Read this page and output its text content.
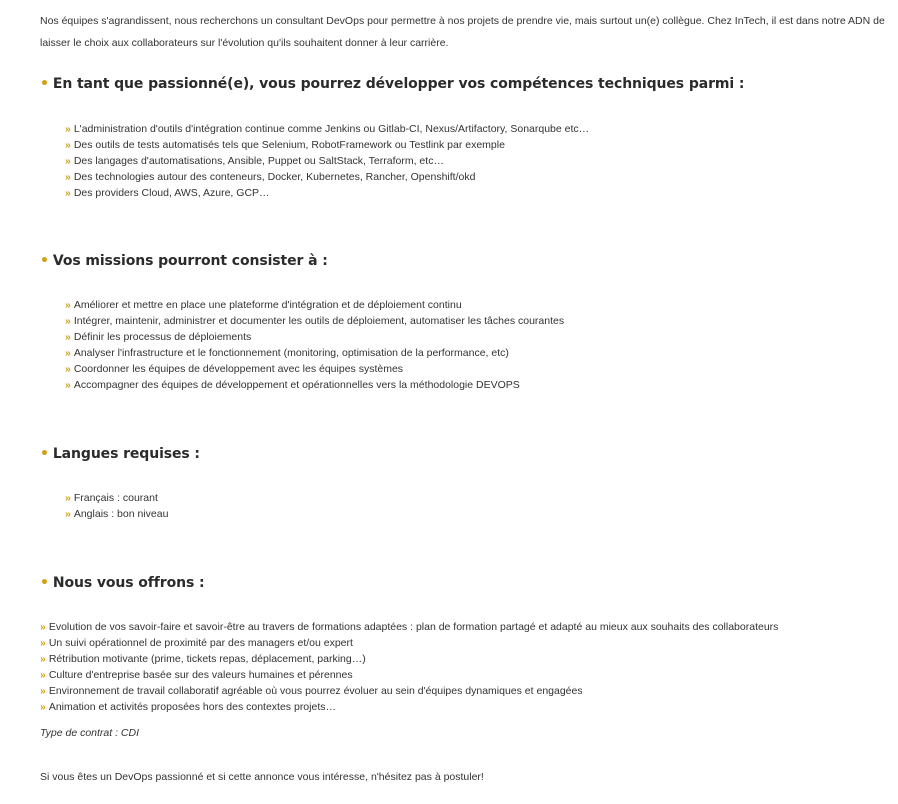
Nos équipes s'agrandissent, nous recherchons un consultant DevOps pour permettre à nos projets de prendre vie, mais surtout un(e) collègue. Chez InTech, il est dans notre ADN de laisser le choix aux collaborateurs sur l'évolution qu'ils souhaitent donner à leur carrière.

• En tant que passionné(e), vous pourrez développer vos compétences techniques parmi :
» L'administration d'outils d'intégration continue comme Jenkins ou Gitlab-CI, Nexus/Artifactory, Sonarqube etc…
» Des outils de tests automatisés tels que Selenium, RobotFramework ou Testlink par exemple
» Des langages d'automatisations, Ansible, Puppet ou SaltStack, Terraform, etc…
» Des technologies autour des conteneurs, Docker, Kubernetes, Rancher, Openshift/okd
» Des providers Cloud, AWS, Azure, GCP…
• Vos missions pourront consister à :
» Améliorer et mettre en place une plateforme d'intégration et de déploiement continu
» Intégrer, maintenir, administrer et documenter les outils de déploiement, automatiser les tâches courantes
» Définir les processus de déploiements
» Analyser l'infrastructure et le fonctionnement (monitoring, optimisation de la performance, etc)
» Coordonner les équipes de développement avec les équipes systèmes
» Accompagner des équipes de développement et opérationnelles vers la méthodologie DEVOPS
• Langues requises :
» Français : courant
» Anglais : bon niveau
• Nous vous offrons :
» Evolution de vos savoir-faire et savoir-être au travers de formations adaptées : plan de formation partagé et adapté au mieux aux souhaits des collaborateurs
» Un suivi opérationnel de proximité par des managers et/ou expert
» Rétribution motivante (prime, tickets repas, déplacement, parking…)
» Culture d'entreprise basée sur des valeurs humaines et pérennes
» Environnement de travail collaboratif agréable où vous pourrez évoluer au sein d'équipes dynamiques et engagées
» Animation et activités proposées hors des contextes projets…

Type de contrat : CDI

Si vous êtes un DevOps passionné et si cette annonce vous intéresse, n'hésitez pas à postuler!
